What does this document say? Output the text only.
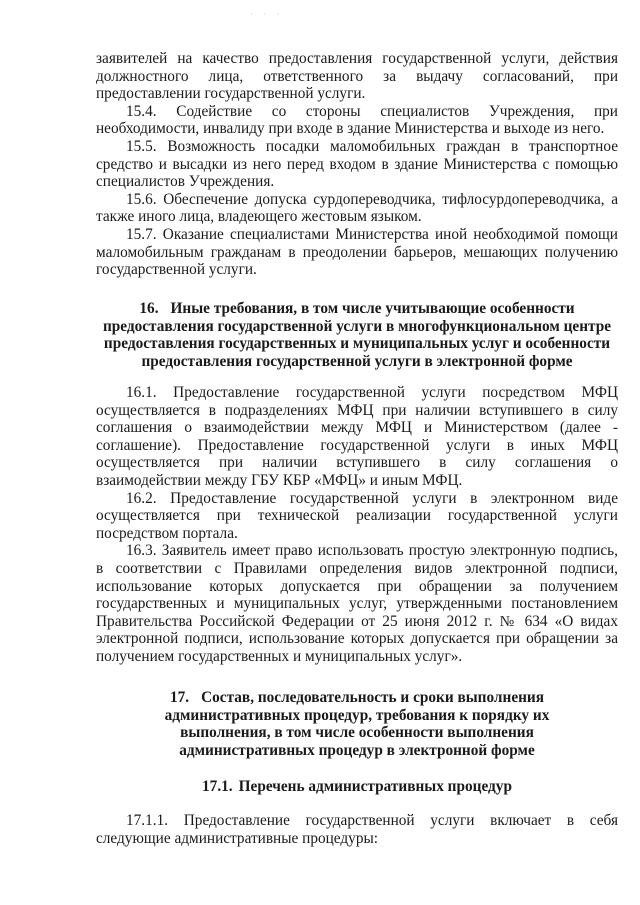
· · ·

заявителей на качество предоставления государственной услуги, действия должностного лица, ответственного за выдачу согласований, при предоставлении государственной услуги.

15.4. Содействие со стороны специалистов Учреждения, при необходимости, инвалиду при входе в здание Министерства и выходе из него.

15.5. Возможность посадки маломобильных граждан в транспортное средство и высадки из него перед входом в здание Министерства с помощью специалистов Учреждения.

15.6. Обеспечение допуска сурдопереводчика, тифлосурдопереводчика, а также иного лица, владеющего жестовым языком.

15.7. Оказание специалистами Министерства иной необходимой помощи маломобильным гражданам в преодолении барьеров, мешающих получению государственной услуги.

16. Иные требования, в том числе учитывающие особенности предоставления государственной услуги в многофункциональном центре предоставления государственных и муниципальных услуг и особенности предоставления государственной услуги в электронной форме

16.1. Предоставление государственной услуги посредством МФЦ осуществляется в подразделениях МФЦ при наличии вступившего в силу соглашения о взаимодействии между МФЦ и Министерством (далее - соглашение). Предоставление государственной услуги в иных МФЦ осуществляется при наличии вступившего в силу соглашения о взаимодействии между ГБУ КБР «МФЦ» и иным МФЦ.

16.2. Предоставление государственной услуги в электронном виде осуществляется при технической реализации государственной услуги посредством портала.

16.3. Заявитель имеет право использовать простую электронную подпись, в соответствии с Правилами определения видов электронной подписи, использование которых допускается при обращении за получением государственных и муниципальных услуг, утвержденными постановлением Правительства Российской Федерации от 25 июня 2012 г. № 634 «О видах электронной подписи, использование которых допускается при обращении за получением государственных и муниципальных услуг».

17. Состав, последовательность и сроки выполнения административных процедур, требования к порядку их выполнения, в том числе особенности выполнения административных процедур в электронной форме
17.1. Перечень административных процедур

17.1.1. Предоставление государственной услуги включает в себя следующие административные процедуры:
